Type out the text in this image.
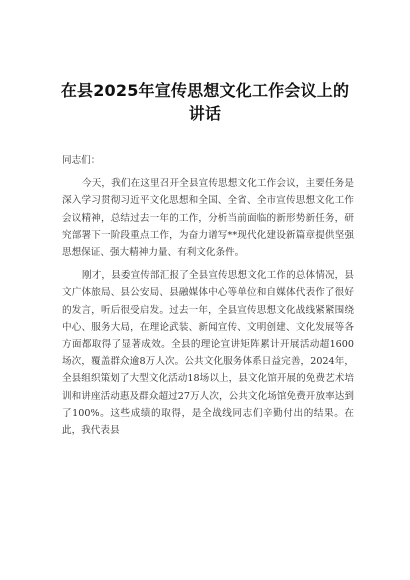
在县2025年宣传思想文化工作会议上的
讲话

同志们：

今天，我们在这里召开全县宣传思想文化工作会议，主要任务是深入学习贯彻习近平文化思想和全国、全省、全市宣传思想文化工作会议精神，总结过去一年的工作，分析当前面临的新形势新任务，研究部署下一阶段重点工作，为奋力谱写**现代化建设新篇章提供坚强思想保证、强大精神力量、有利文化条件。

刚才，县委宣传部汇报了全县宣传思想文化工作的总体情况，县文广体旅局、县公安局、县融媒体中心等单位和自媒体代表作了很好的发言，听后很受启发。过去一年，全县宣传思想文化战线紧紧围绕中心、服务大局，在理论武装、新闻宣传、文明创建、文化发展等各方面都取得了显著成效。全县的理论宣讲矩阵累计开展活动超1600场次，覆盖群众逾8万人次。公共文化服务体系日益完善，2024年，全县组织策划了大型文化活动18场以上，县文化馆开展的免费艺术培训和讲座活动惠及群众超过27万人次，公共文化场馆免费开放率达到了100%。这些成绩的取得，是全战线同志们辛勤付出的结果。在此，我代表县
